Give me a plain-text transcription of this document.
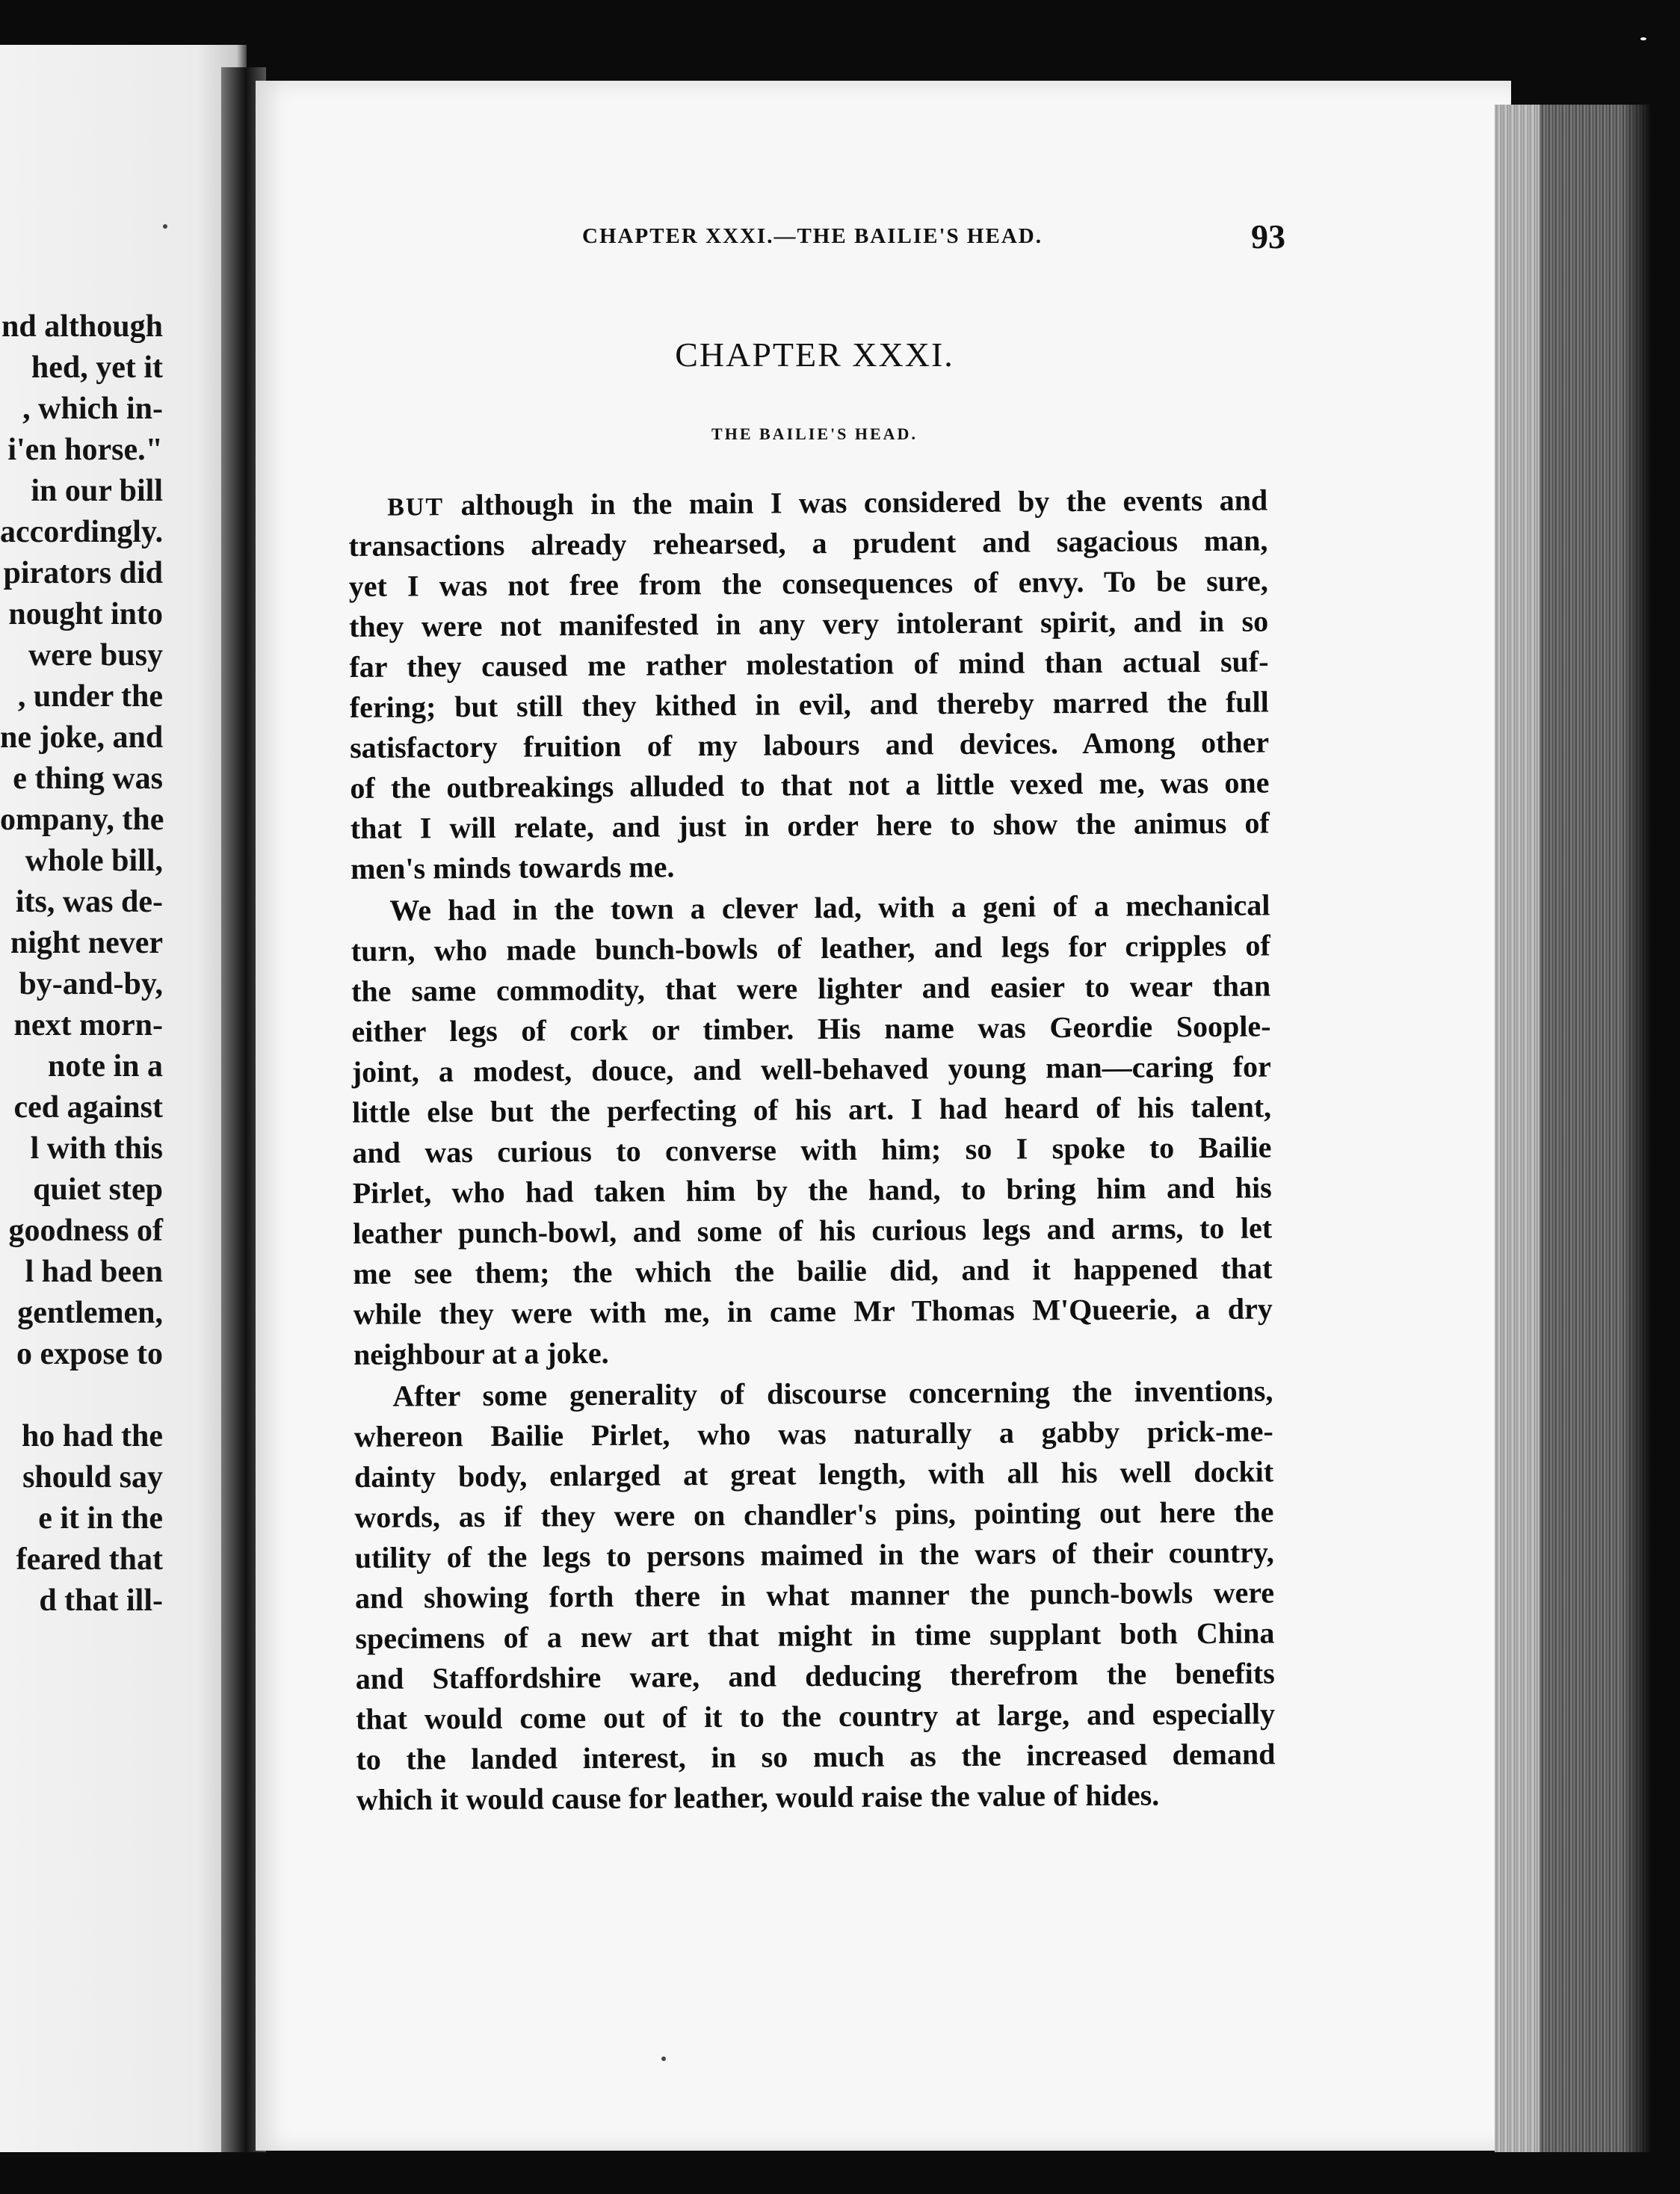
nd although
hed, yet it
, which in-
i'en horse."
in our bill
accordingly.
pirators did
nought into
were busy
, under the
ne joke, and
e thing was
ompany, the
whole bill,
its, was de-
night never
by-and-by,
next morn-
note in a
ced against
l with this
quiet step
goodness of
l had been
gentlemen,
o expose to
ho had the
should say
e it in the
feared that
d that ill-
CHAPTER XXXI.—THE BAILIE'S HEAD.	93
CHAPTER XXXI.
THE BAILIE'S HEAD.
BUT although in the main I was considered by the events and
transactions already rehearsed, a prudent and sagacious man,
yet I was not free from the consequences of envy. To be sure,
they were not manifested in any very intolerant spirit, and in so
far they caused me rather molestation of mind than actual suf-
fering; but still they kithed in evil, and thereby marred the full
satisfactory fruition of my labours and devices. Among other
of the outbreakings alluded to that not a little vexed me, was one
that I will relate, and just in order here to show the animus of
men's minds towards me.
We had in the town a clever lad, with a geni of a mechanical
turn, who made bunch-bowls of leather, and legs for cripples of
the same commodity, that were lighter and easier to wear than
either legs of cork or timber. His name was Geordie Soople-
joint, a modest, douce, and well-behaved young man—caring for
little else but the perfecting of his art. I had heard of his talent,
and was curious to converse with him; so I spoke to Bailie
Pirlet, who had taken him by the hand, to bring him and his
leather punch-bowl, and some of his curious legs and arms, to let
me see them; the which the bailie did, and it happened that
while they were with me, in came Mr Thomas M'Queerie, a dry
neighbour at a joke.
After some generality of discourse concerning the inventions,
whereon Bailie Pirlet, who was naturally a gabby prick-me-
dainty body, enlarged at great length, with all his well dockit
words, as if they were on chandler's pins, pointing out here the
utility of the legs to persons maimed in the wars of their country,
and showing forth there in what manner the punch-bowls were
specimens of a new art that might in time supplant both China
and Staffordshire ware, and deducing therefrom the benefits
that would come out of it to the country at large, and especially
to the landed interest, in so much as the increased demand
which it would cause for leather, would raise the value of hides.
